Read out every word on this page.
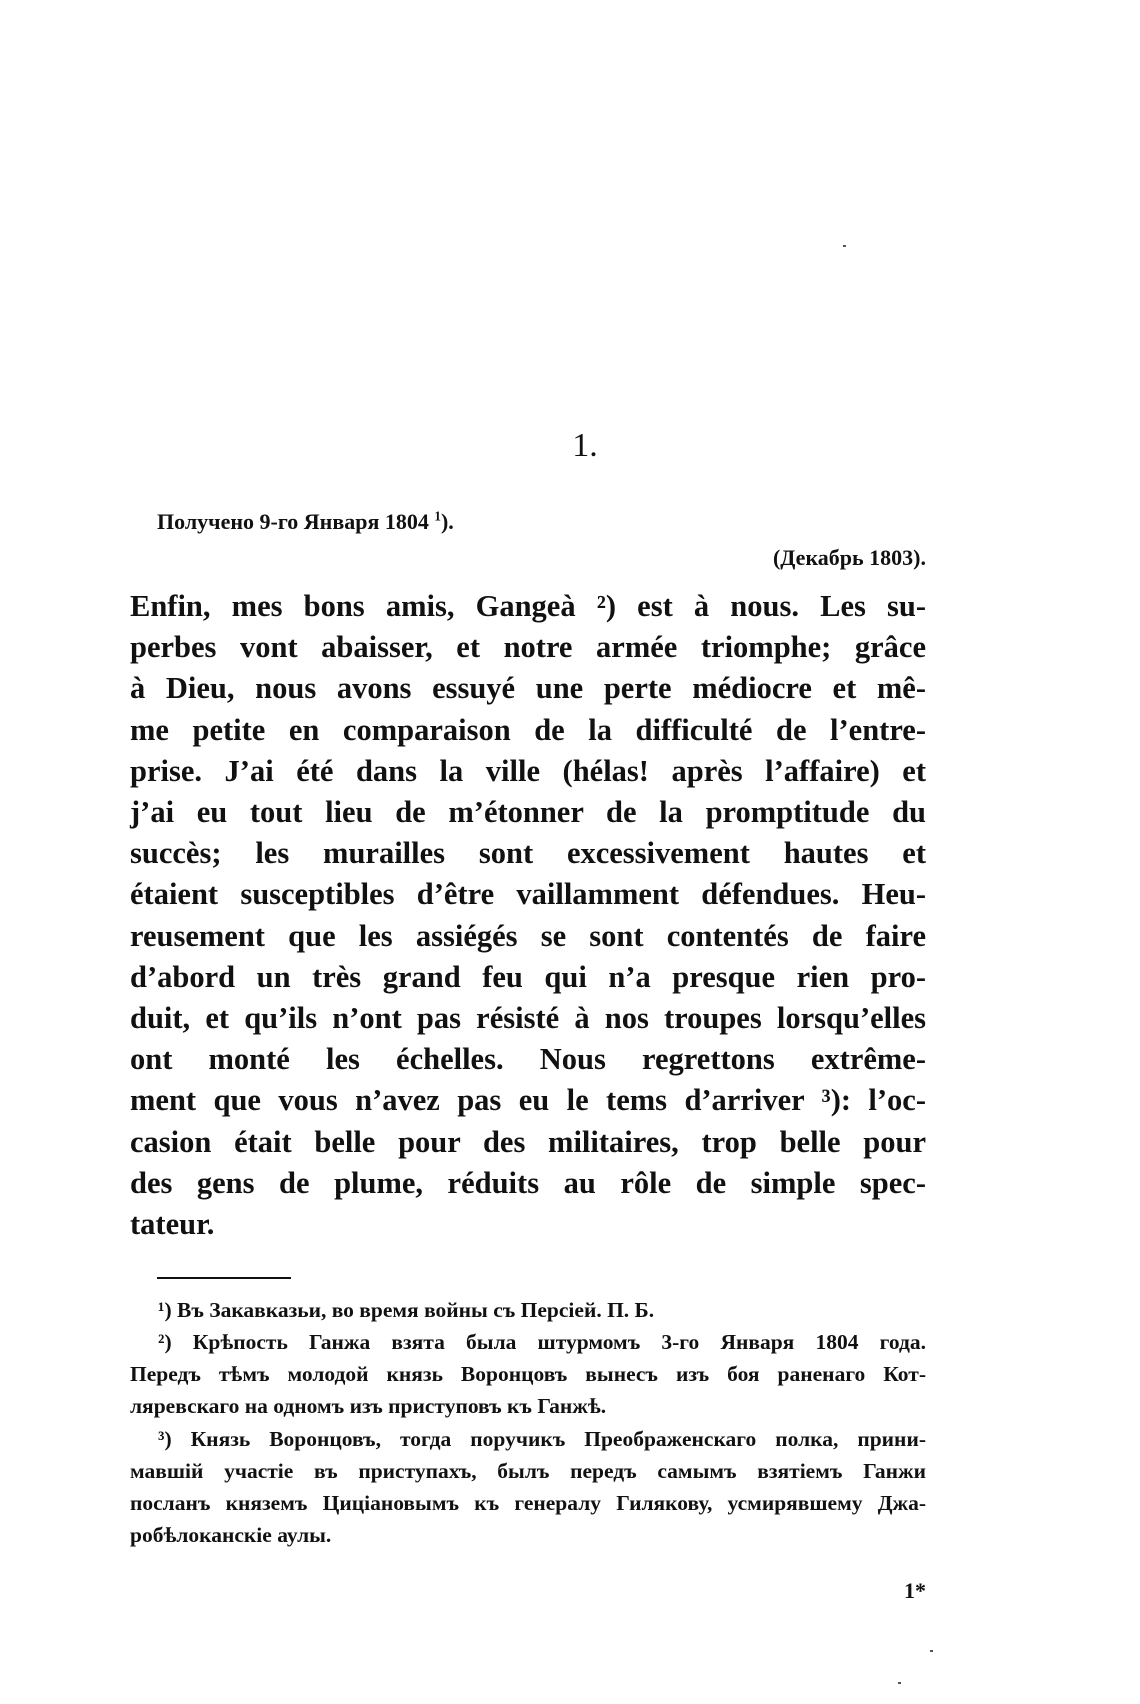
1.
Получено 9-го Января 1804 $^1$).
(Декабрь 1803).
Enfin, mes bons amis, Gangeà ²) est à nous. Les su-
perbes vont abaisser, et notre armée triomphe; grâce
à Dieu, nous avons essuyé une perte médiocre et mê-
me petite en comparaison de la difficulté de l’entre-
prise. J’ai été dans la ville (hélas! après l’affaire) et
j’ai eu tout lieu de m’étonner de la promptitude du
succès; les murailles sont excessivement hautes et
étaient susceptibles d’être vaillamment défendues. Heu-
reusement que les assiégés se sont contentés de faire
d’abord un très grand feu qui n’a presque rien pro-
duit, et qu’ils n’ont pas résisté à nos troupes lorsqu’elles
ont monté les échelles. Nous regrettons extrême-
ment que vous n’avez pas eu le tems d’arriver ³): l’oc-
casion était belle pour des militaires, trop belle pour
des gens de plume, réduits au rôle de simple spec-
tateur.
¹) Въ Закавказьи, во время войны съ Персiей. П. Б.
²) Крѣпость Ганжа взята была штурмомъ 3-го Января 1804 года.
Передъ тѣмъ молодой князь Воронцовъ вынесъ изъ боя раненаго Кот-
ляревскаго на одномъ изъ приступовъ къ Ганжѣ.
³) Князь Воронцовъ, тогда поручикъ Преображенскаго полка, прини-
мавшiй участiе въ приступахъ, былъ передъ самымъ взятiемъ Ганжи
посланъ княземъ Цицiановымъ къ генералу Гилякову, усмирявшему Джа-
робѣлоканскiе аулы.
1*
